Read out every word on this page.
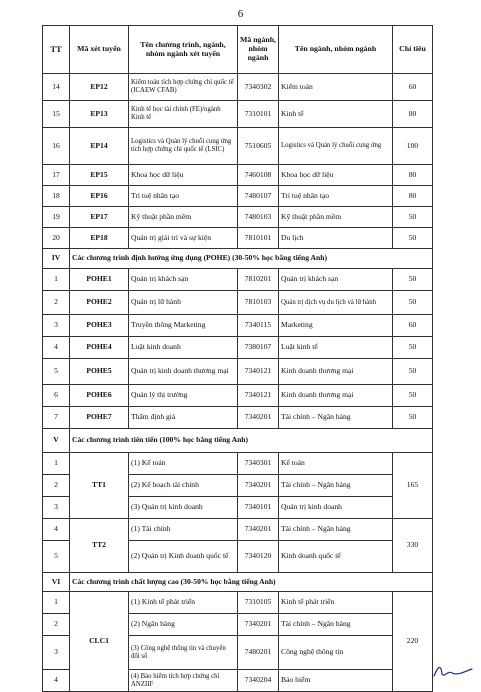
6
TT	Mã xét tuyển	Tên chương trình, ngành, nhóm ngành xét tuyển	Mã ngành, nhóm ngành	Tên ngành, nhóm ngành	Chỉ tiêu
14	EP12	Kiểm toán tích hợp chứng chỉ quốc tế (ICAEW CFAB)	7340302	Kiểm toán	60
15	EP13	Kinh tế học tài chính (FE)/ngành Kinh tế	7310101	Kinh tế	80
16	EP14	Logistics và Quản lý chuỗi cung ứng tích hợp chứng chỉ quốc tế (LSIC)	7510605	Logistics và Quản lý chuỗi cung ứng	100
17	EP15	Khoa học dữ liệu	7460108	Khoa học dữ liệu	80
18	EP16	Trí tuệ nhân tạo	7480107	Trí tuệ nhân tạo	80
19	EP17	Kỹ thuật phần mềm	7480103	Kỹ thuật phần mềm	50
20	EP18	Quản trị giải trí và sự kiện	7810101	Du lịch	50
IV	Các chương trình định hướng ứng dụng (POHE) (30-50% học bằng tiếng Anh)				
1	POHE1	Quản trị khách sạn	7810201	Quản trị khách sạn	50
2	POHE2	Quản trị lữ hành	7810103	Quản trị dịch vụ du lịch và lữ hành	50
3	POHE3	Truyền thông Marketing	7340115	Marketing	60
4	POHE4	Luật kinh doanh	7380107	Luật kinh tế	50
5	POHE5	Quản trị kinh doanh thương mại	7340121	Kinh doanh thương mại	50
6	POHE6	Quản lý thị trường	7340121	Kinh doanh thương mại	50
7	POHE7	Thẩm định giá	7340201	Tài chính – Ngân hàng	50
V	Các chương trình tiên tiến (100% học bằng tiếng Anh)				
1	TT1	(1) Kế toán	7340301	Kế toán	165
2		(2) Kế hoạch tài chính	7340201	Tài chính – Ngân hàng	
3		(3) Quản trị kinh doanh	7340101	Quản trị kinh doanh	
4	TT2	(1) Tài chính	7340201	Tài chính – Ngân hàng	330
5		(2) Quản trị Kinh doanh quốc tế	7340120	Kinh doanh quốc tế	
VI	Các chương trình chất lượng cao (30-50% học bằng tiếng Anh)				
1	CLC1	(1) Kinh tế phát triển	7310105	Kinh tế phát triển	220
2		(2) Ngân hàng	7340201	Tài chính – Ngân hàng	
3		(3) Công nghệ thông tin và chuyển đổi số	7480201	Công nghệ thông tin	
4		(4) Bảo hiểm tích hợp chứng chỉ ANZIIF	7340204	Bảo hiểm	
